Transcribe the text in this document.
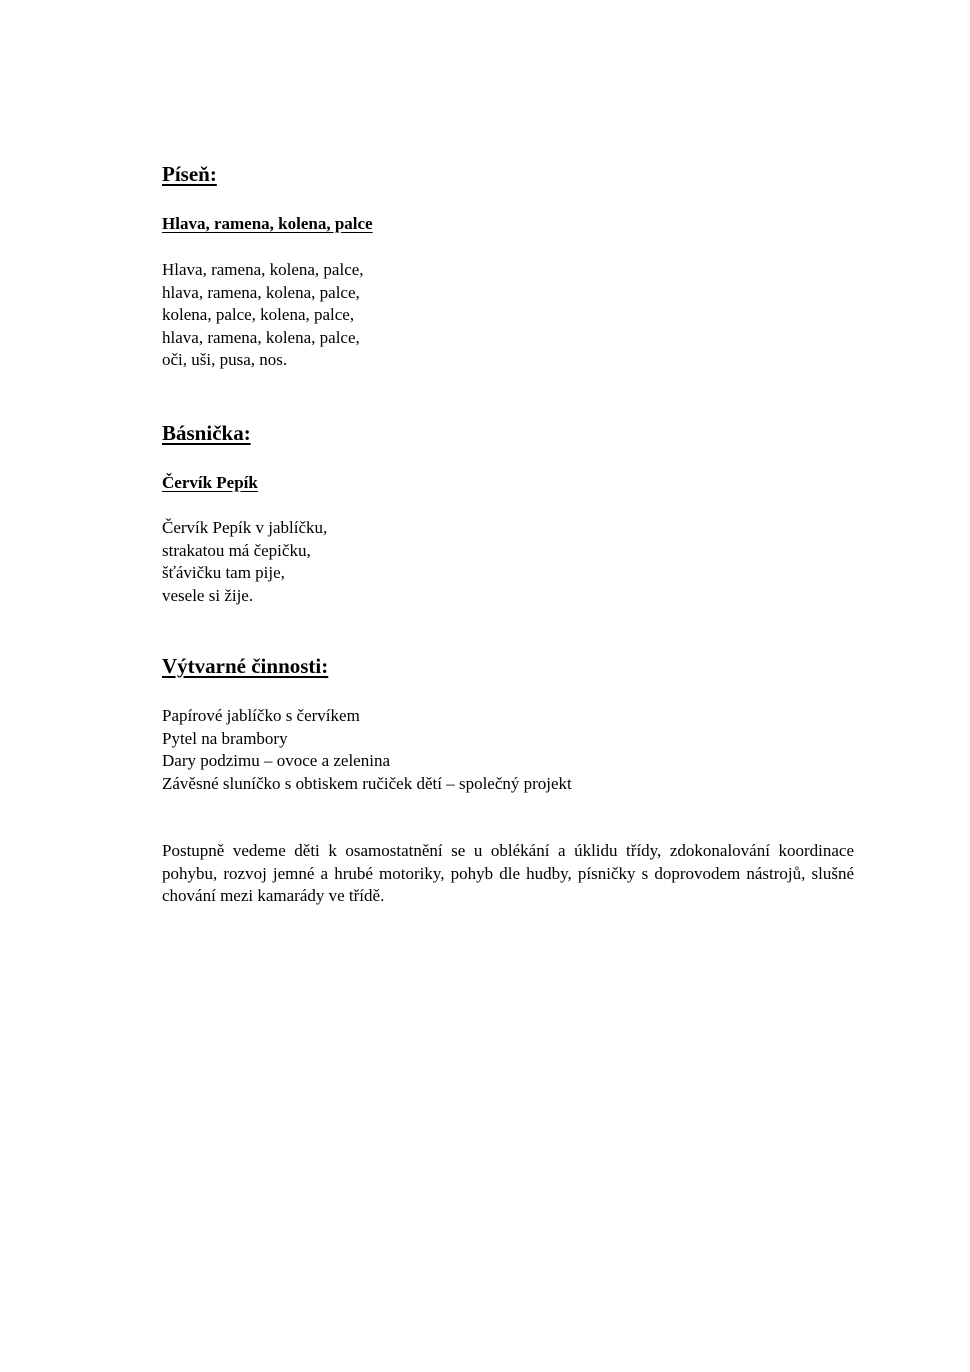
Píseň:
Hlava, ramena, kolena, palce
Hlava, ramena, kolena, palce,
hlava, ramena, kolena, palce,
kolena, palce, kolena, palce,
hlava, ramena, kolena, palce,
oči, uši, pusa, nos.
Básnička:
Červík Pepík
Červík Pepík v jablíčku,
strakatou má čepičku,
šťávičku tam pije,
vesele si žije.
Výtvarné činnosti:
Papírové jablíčko s červíkem
Pytel na brambory
Dary podzimu – ovoce a zelenina
Závěsné sluníčko s obtiskem ručiček dětí – společný projekt

Postupně vedeme děti k osamostatnění se u oblékání a úklidu třídy, zdokonalování koordinace pohybu, rozvoj jemné a hrubé motoriky, pohyb dle hudby, písničky s doprovodem nástrojů, slušné chování mezi kamarády ve třídě.
